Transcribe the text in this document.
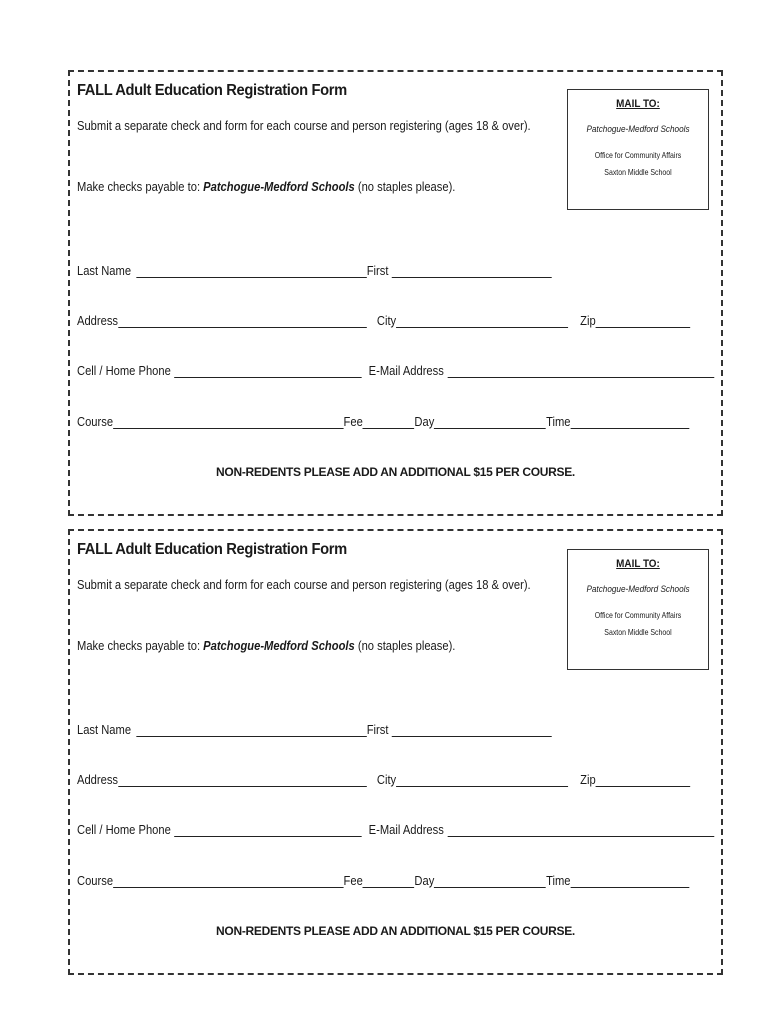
FALL Adult Education Registration Form
Submit a separate check and form for each course and person registering (ages 18 & over).
Make checks payable to: Patchogue-Medford Schools (no staples please).
MAIL TO:
Patchogue-Medford Schools
Office for Community Affairs
Saxton Middle School
Last Name	First
Address	City	Zip
Cell / Home Phone	E-Mail Address
Course	Fee	Day	Time
NON-REDENTS PLEASE ADD AN ADDITIONAL $15 PER COURSE.
FALL Adult Education Registration Form
Submit a separate check and form for each course and person registering (ages 18 & over).
Make checks payable to: Patchogue-Medford Schools (no staples please).
MAIL TO:
Patchogue-Medford Schools
Office for Community Affairs
Saxton Middle School
Last Name	First
Address	City	Zip
Cell / Home Phone	E-Mail Address
Course	Fee	Day	Time
NON-REDENTS PLEASE ADD AN ADDITIONAL $15 PER COURSE.
